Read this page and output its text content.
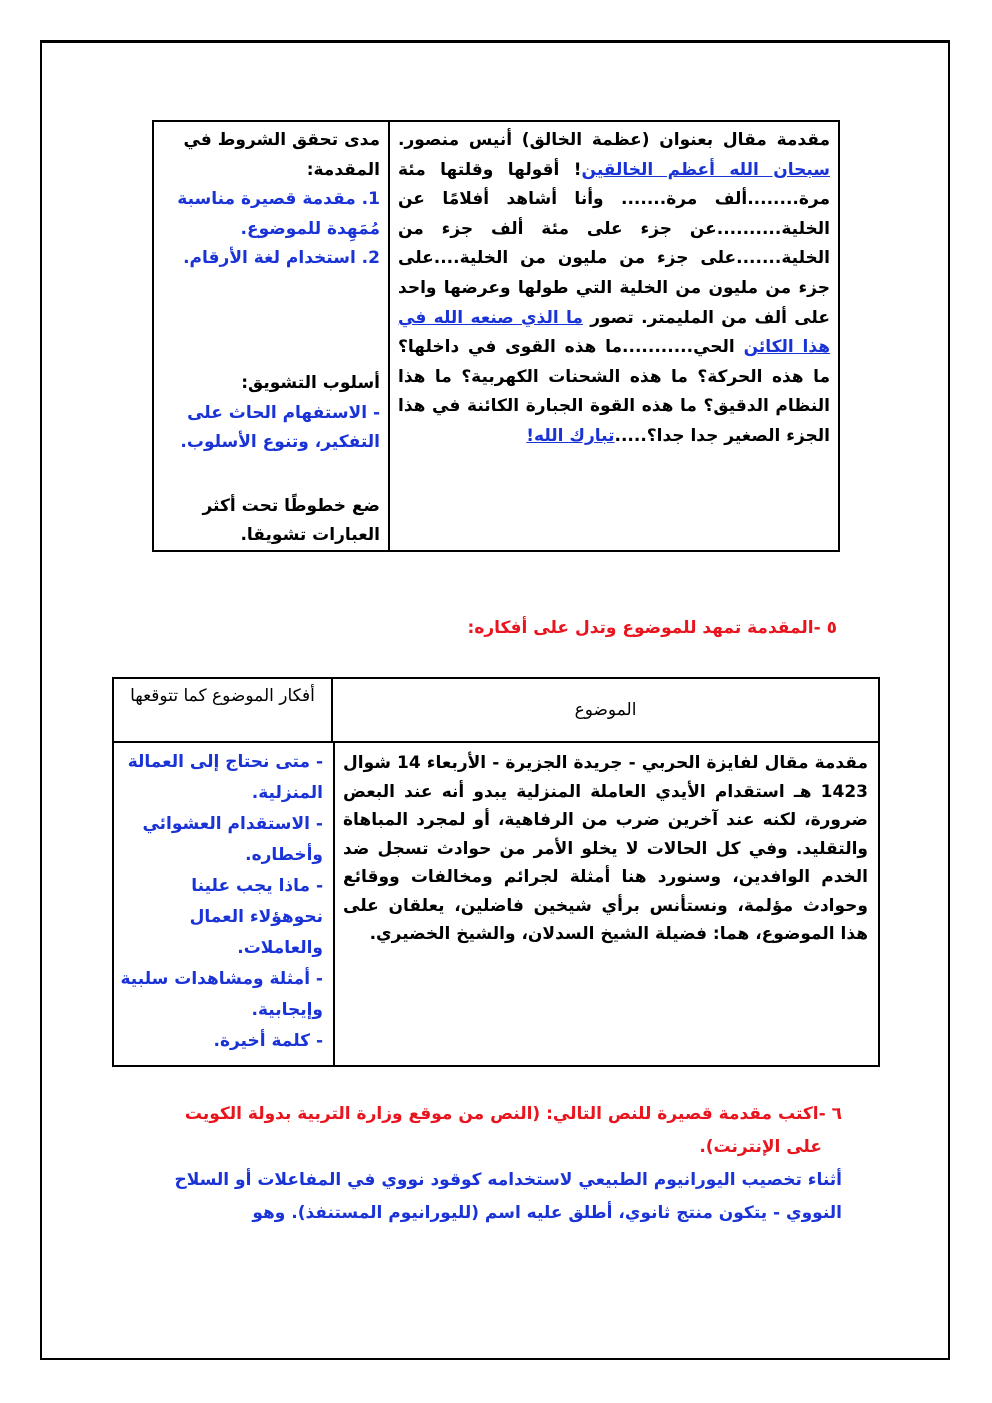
مقدمة مقال بعنوان (عظمة الخالق) أنيس منصور. سبحان الله أعظم الخالقين! أقولها وقلتها مئة مرة........ألف مرة....... وأنا أشاهد أفلامًا عن الخلية..........عن جزء على مئة ألف جزء من الخلية.......على جزء من مليون من الخلية....على جزء من مليون من الخلية التي طولها وعرضها واحد على ألف من المليمتر. تصور ما الذي صنعه الله في هذا الكائن الحي...........ما هذه القوى في داخلها؟ ما هذه الحركة؟ ما هذه الشحنات الكهربية؟ ما هذا النظام الدقيق؟ ما هذه القوة الجبارة الكائنة في هذا الجزء الصغير جدا جدا؟.....تبارك الله!
مدى تحقق الشروط في المقدمة:
1. مقدمة قصيرة مناسبة مُمَهِدة للموضوع.
2. استخدام لغة الأرقام.
أسلوب التشويق:
- الاستفهام الحاث على التفكير، وتنوع الأسلوب.
ضع خطوطًا تحت أكثر العبارات تشويقا.
٥ -المقدمة تمهد للموضوع وتدل على أفكاره:
الموضوع
أفكار الموضوع كما تتوقعها
مقدمة مقال لفايزة الحربي - جريدة الجزيرة - الأربعاء 14 شوال 1423 هـ استقدام الأيدي العاملة المنزلية يبدو أنه عند البعض ضرورة، لكنه عند آخرين ضرب من الرفاهية، أو لمجرد المباهاة والتقليد. وفي كل الحالات لا يخلو الأمر من حوادث تسجل ضد الخدم الوافدين، وسنورد هنا أمثلة لجرائم ومخالفات ووقائع وحوادث مؤلمة، ونستأنس برأي شيخين فاضلين، يعلقان على هذا الموضوع، هما: فضيلة الشيخ السدلان، والشيخ الخضيري.
- متى نحتاج إلى العمالة المنزلية.
- الاستقدام العشوائي وأخطاره.
- ماذا يجب علينا نحوهؤلاء العمال والعاملات.
- أمثلة ومشاهدات سلبية وإيجابية.
- كلمة أخيرة.
٦ -اكتب مقدمة قصيرة للنص التالي: (النص من موقع وزارة التربية بدولة الكويت
على الإنترنت).
أثناء تخصيب اليورانيوم الطبيعي لاستخدامه كوقود نووي في المفاعلات أو السلاح النووي - يتكون منتج ثانوي، أطلق عليه اسم (لليورانيوم المستنفذ). وهو
